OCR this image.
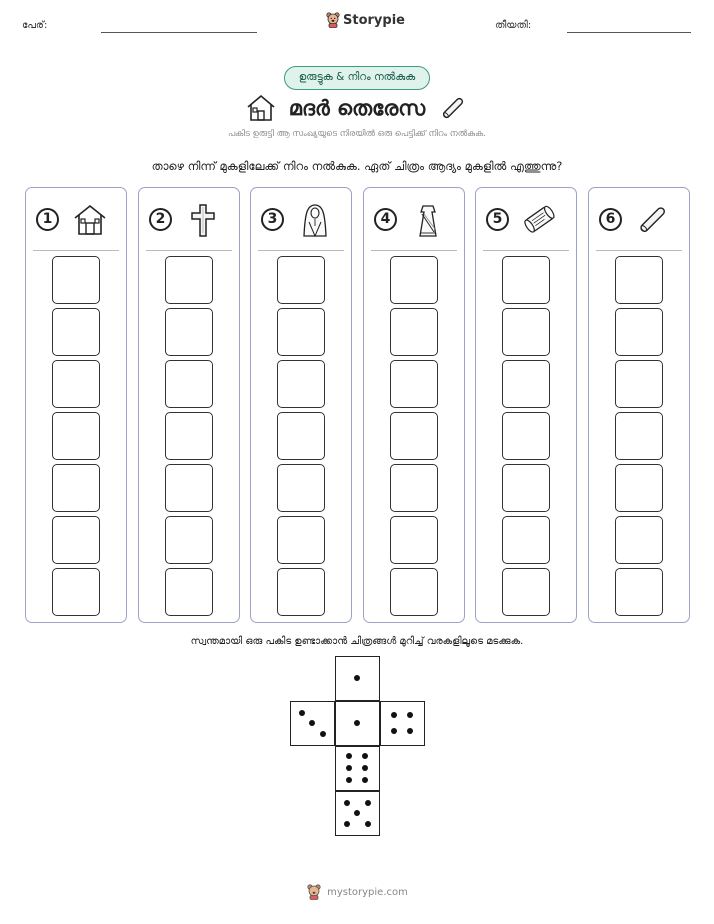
പേര്:	Storypie	തീയതി:
ഉരുട്ടുക & നിറം നൽകുക
മദർ തെരേസ
പകിട ഉരുട്ടി ആ സംഖ്യയുടെ നിരയിൽ ഒരു പെട്ടിക്ക് നിറം നൽകുക.
താഴെ നിന്ന് മുകളിലേക്ക് നിറം നൽകുക. ഏത് ചിത്രം ആദ്യം മുകളിൽ എത്തുന്നു?
1	2	3	4	5	6
സ്വന്തമായി ഒരു പകിട ഉണ്ടാക്കാൻ ചിത്രങ്ങൾ മുറിച്ച് വരകളിലൂടെ മടക്കുക.
mystorypie.com
